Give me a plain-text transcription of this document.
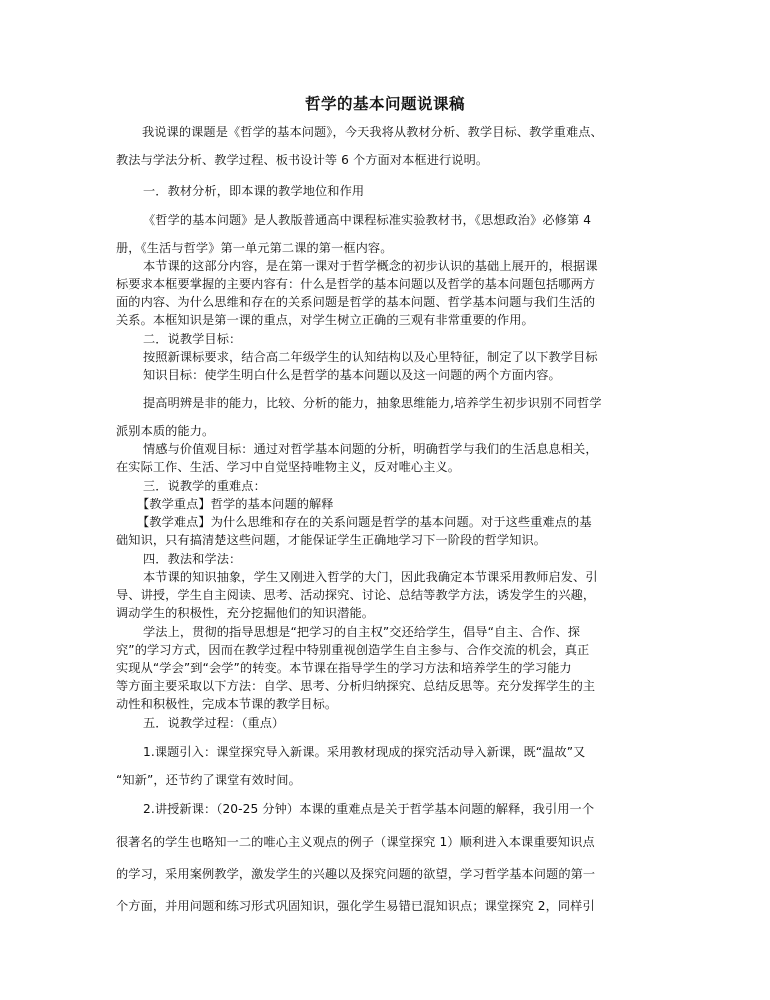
哲学的基本问题说课稿
我说课的课题是《哲学的基本问题》，今天我将从教材分析、教学目标、教学重难点、
教法与学法分析、教学过程、板书设计等 6 个方面对本框进行说明。
一．教材分析，即本课的教学地位和作用
《哲学的基本问题》是人教版普通高中课程标准实验教材书，《思想政治》必修第 4
册，《生活与哲学》第一单元第二课的第一框内容。
本节课的这部分内容，是在第一课对于哲学概念的初步认识的基础上展开的，根据课
标要求本框要掌握的主要内容有：什么是哲学的基本问题以及哲学的基本问题包括哪两方
面的内容、为什么思维和存在的关系问题是哲学的基本问题、哲学基本问题与我们生活的
关系。本框知识是第一课的重点，对学生树立正确的三观有非常重要的作用。
二．说教学目标：
按照新课标要求，结合高二年级学生的认知结构以及心里特征，制定了以下教学目标
知识目标：使学生明白什么是哲学的基本问题以及这一问题的两个方面内容。
提高明辨是非的能力，比较、分析的能力，抽象思维能力,培养学生初步识别不同哲学
派别本质的能力。
情感与价值观目标：通过对哲学基本问题的分析，明确哲学与我们的生活息息相关，
在实际工作、生活、学习中自觉坚持唯物主义，反对唯心主义。
三．说教学的重难点：
【教学重点】哲学的基本问题的解释
【教学难点】为什么思维和存在的关系问题是哲学的基本问题。对于这些重难点的基
础知识，只有搞清楚这些问题，才能保证学生正确地学习下一阶段的哲学知识。
四．教法和学法：
本节课的知识抽象，学生又刚进入哲学的大门，因此我确定本节课采用教师启发、引
导、讲授，学生自主阅读、思考、活动探究、讨论、总结等教学方法，诱发学生的兴趣，
调动学生的积极性，充分挖掘他们的知识潜能。
学法上，贯彻的指导思想是“把学习的自主权”交还给学生，倡导“自主、合作、探
究”的学习方式，因而在教学过程中特别重视创造学生自主参与、合作交流的机会，真正
实现从“学会”到“会学”的转变。本节课在指导学生的学习方法和培养学生的学习能力
等方面主要采取以下方法：自学、思考、分析归纳探究、总结反思等。充分发挥学生的主
动性和积极性，完成本节课的教学目标。
五．说教学过程：（重点）
1.课题引入：课堂探究导入新课。采用教材现成的探究活动导入新课，既“温故”又
“知新”，还节约了课堂有效时间。
2.讲授新课：（20-25 分钟）本课的重难点是关于哲学基本问题的解释，我引用一个
很著名的学生也略知一二的唯心主义观点的例子（课堂探究 1）顺利进入本课重要知识点
的学习，采用案例教学，激发学生的兴趣以及探究问题的欲望，学习哲学基本问题的第一
个方面，并用问题和练习形式巩固知识，强化学生易错已混知识点；课堂探究 2，同样引
